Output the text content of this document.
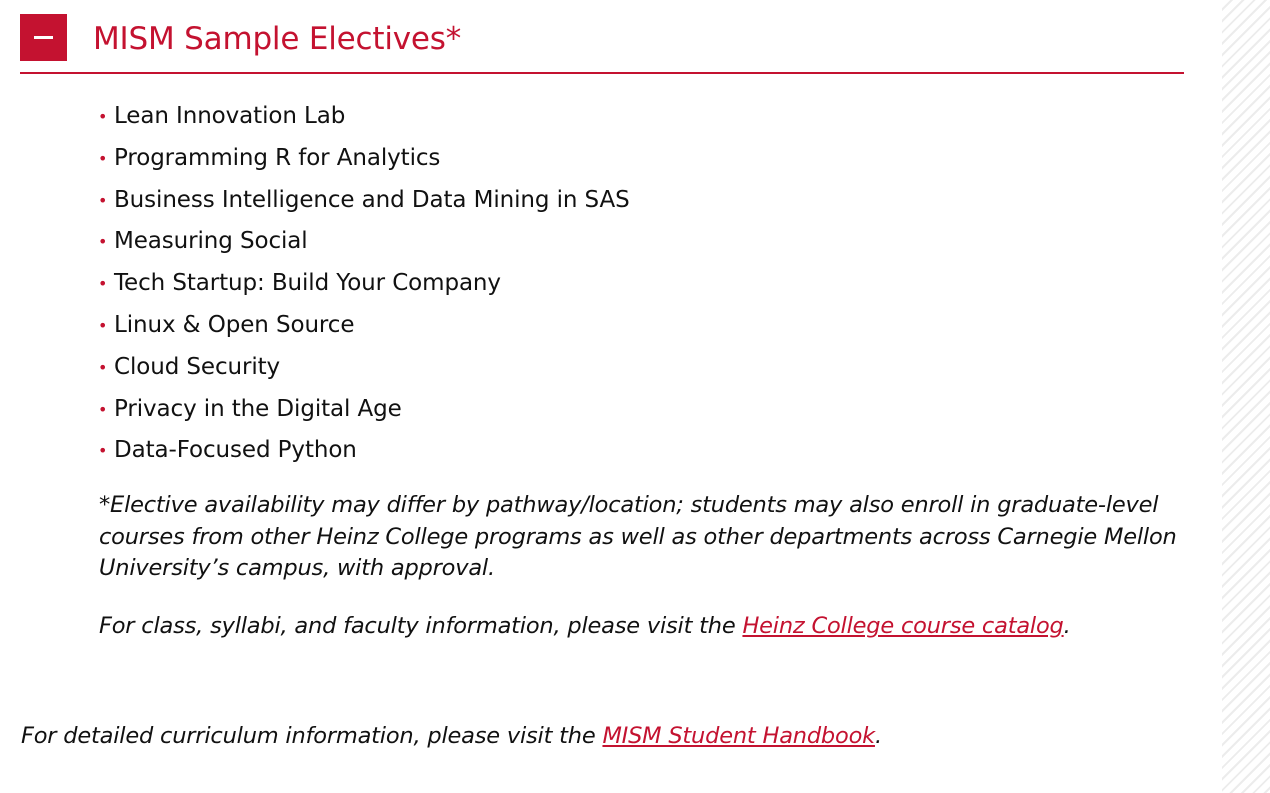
MISM Sample Electives*
• Lean Innovation Lab
• Programming R for Analytics
• Business Intelligence and Data Mining in SAS
• Measuring Social
• Tech Startup: Build Your Company
• Linux & Open Source
• Cloud Security
• Privacy in the Digital Age
• Data-Focused Python

*Elective availability may differ by pathway/location; students may also enroll in graduate-level courses from other Heinz College programs as well as other departments across Carnegie Mellon University’s campus, with approval.

For class, syllabi, and faculty information, please visit the Heinz College course catalog.

For detailed curriculum information, please visit the MISM Student Handbook.
